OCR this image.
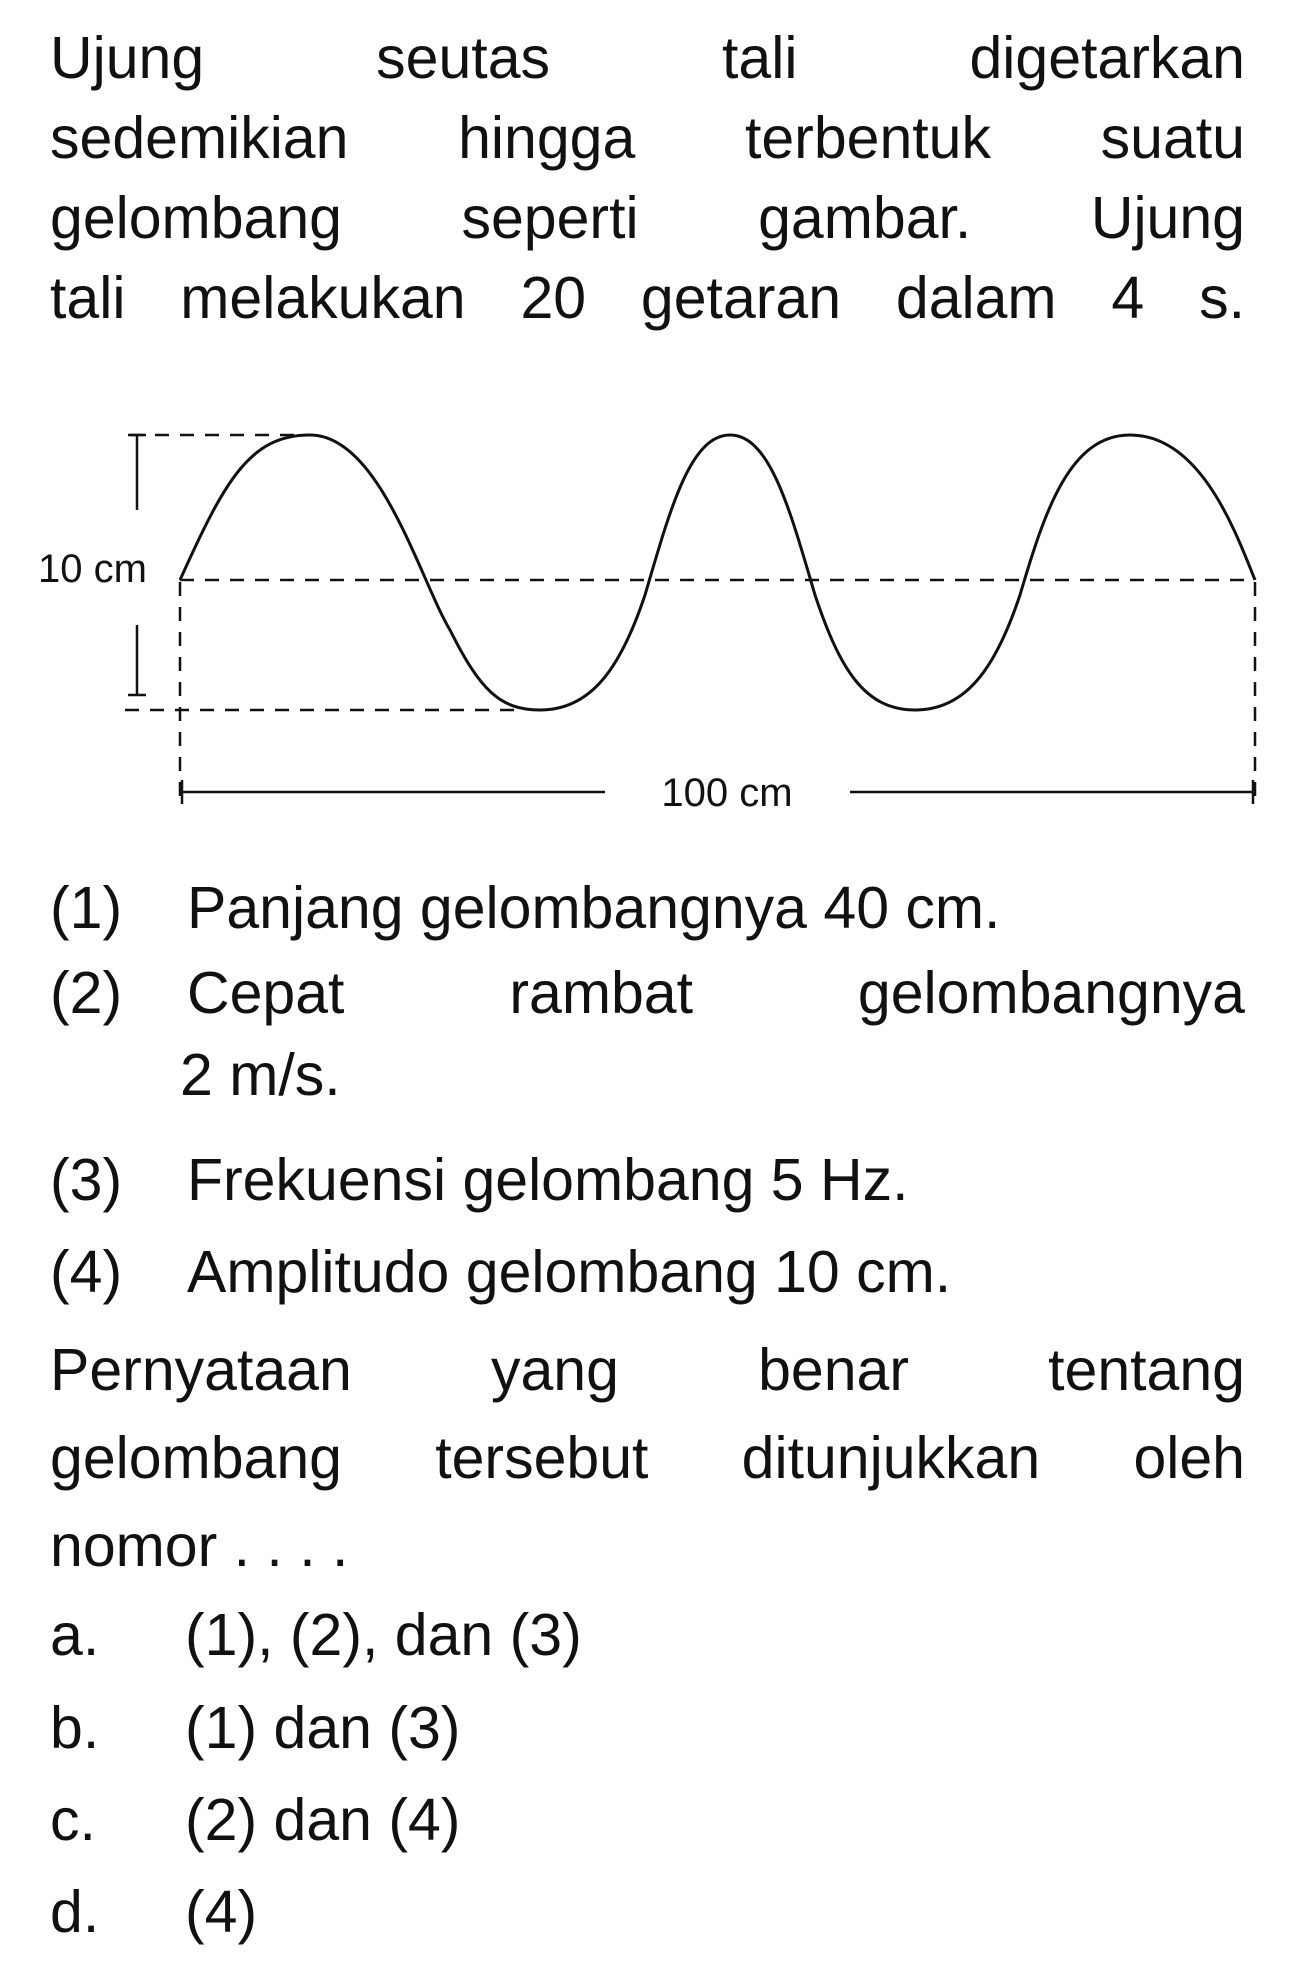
Ujung seutas tali digetarkan
sedemikian hingga terbentuk suatu
gelombang seperti gambar. Ujung
tali melakukan 20 getaran dalam 4 s.
10 cm
100 cm
(1) Panjang gelombangnya 40 cm.
(2) Cepat rambat gelombangnya
2 m/s.
(3) Frekuensi gelombang 5 Hz.
(4) Amplitudo gelombang 10 cm.
Pernyataan yang benar tentang
gelombang tersebut ditunjukkan oleh
nomor . . . .
a. (1), (2), dan (3)
b. (1) dan (3)
c. (2) dan (4)
d. (4)
